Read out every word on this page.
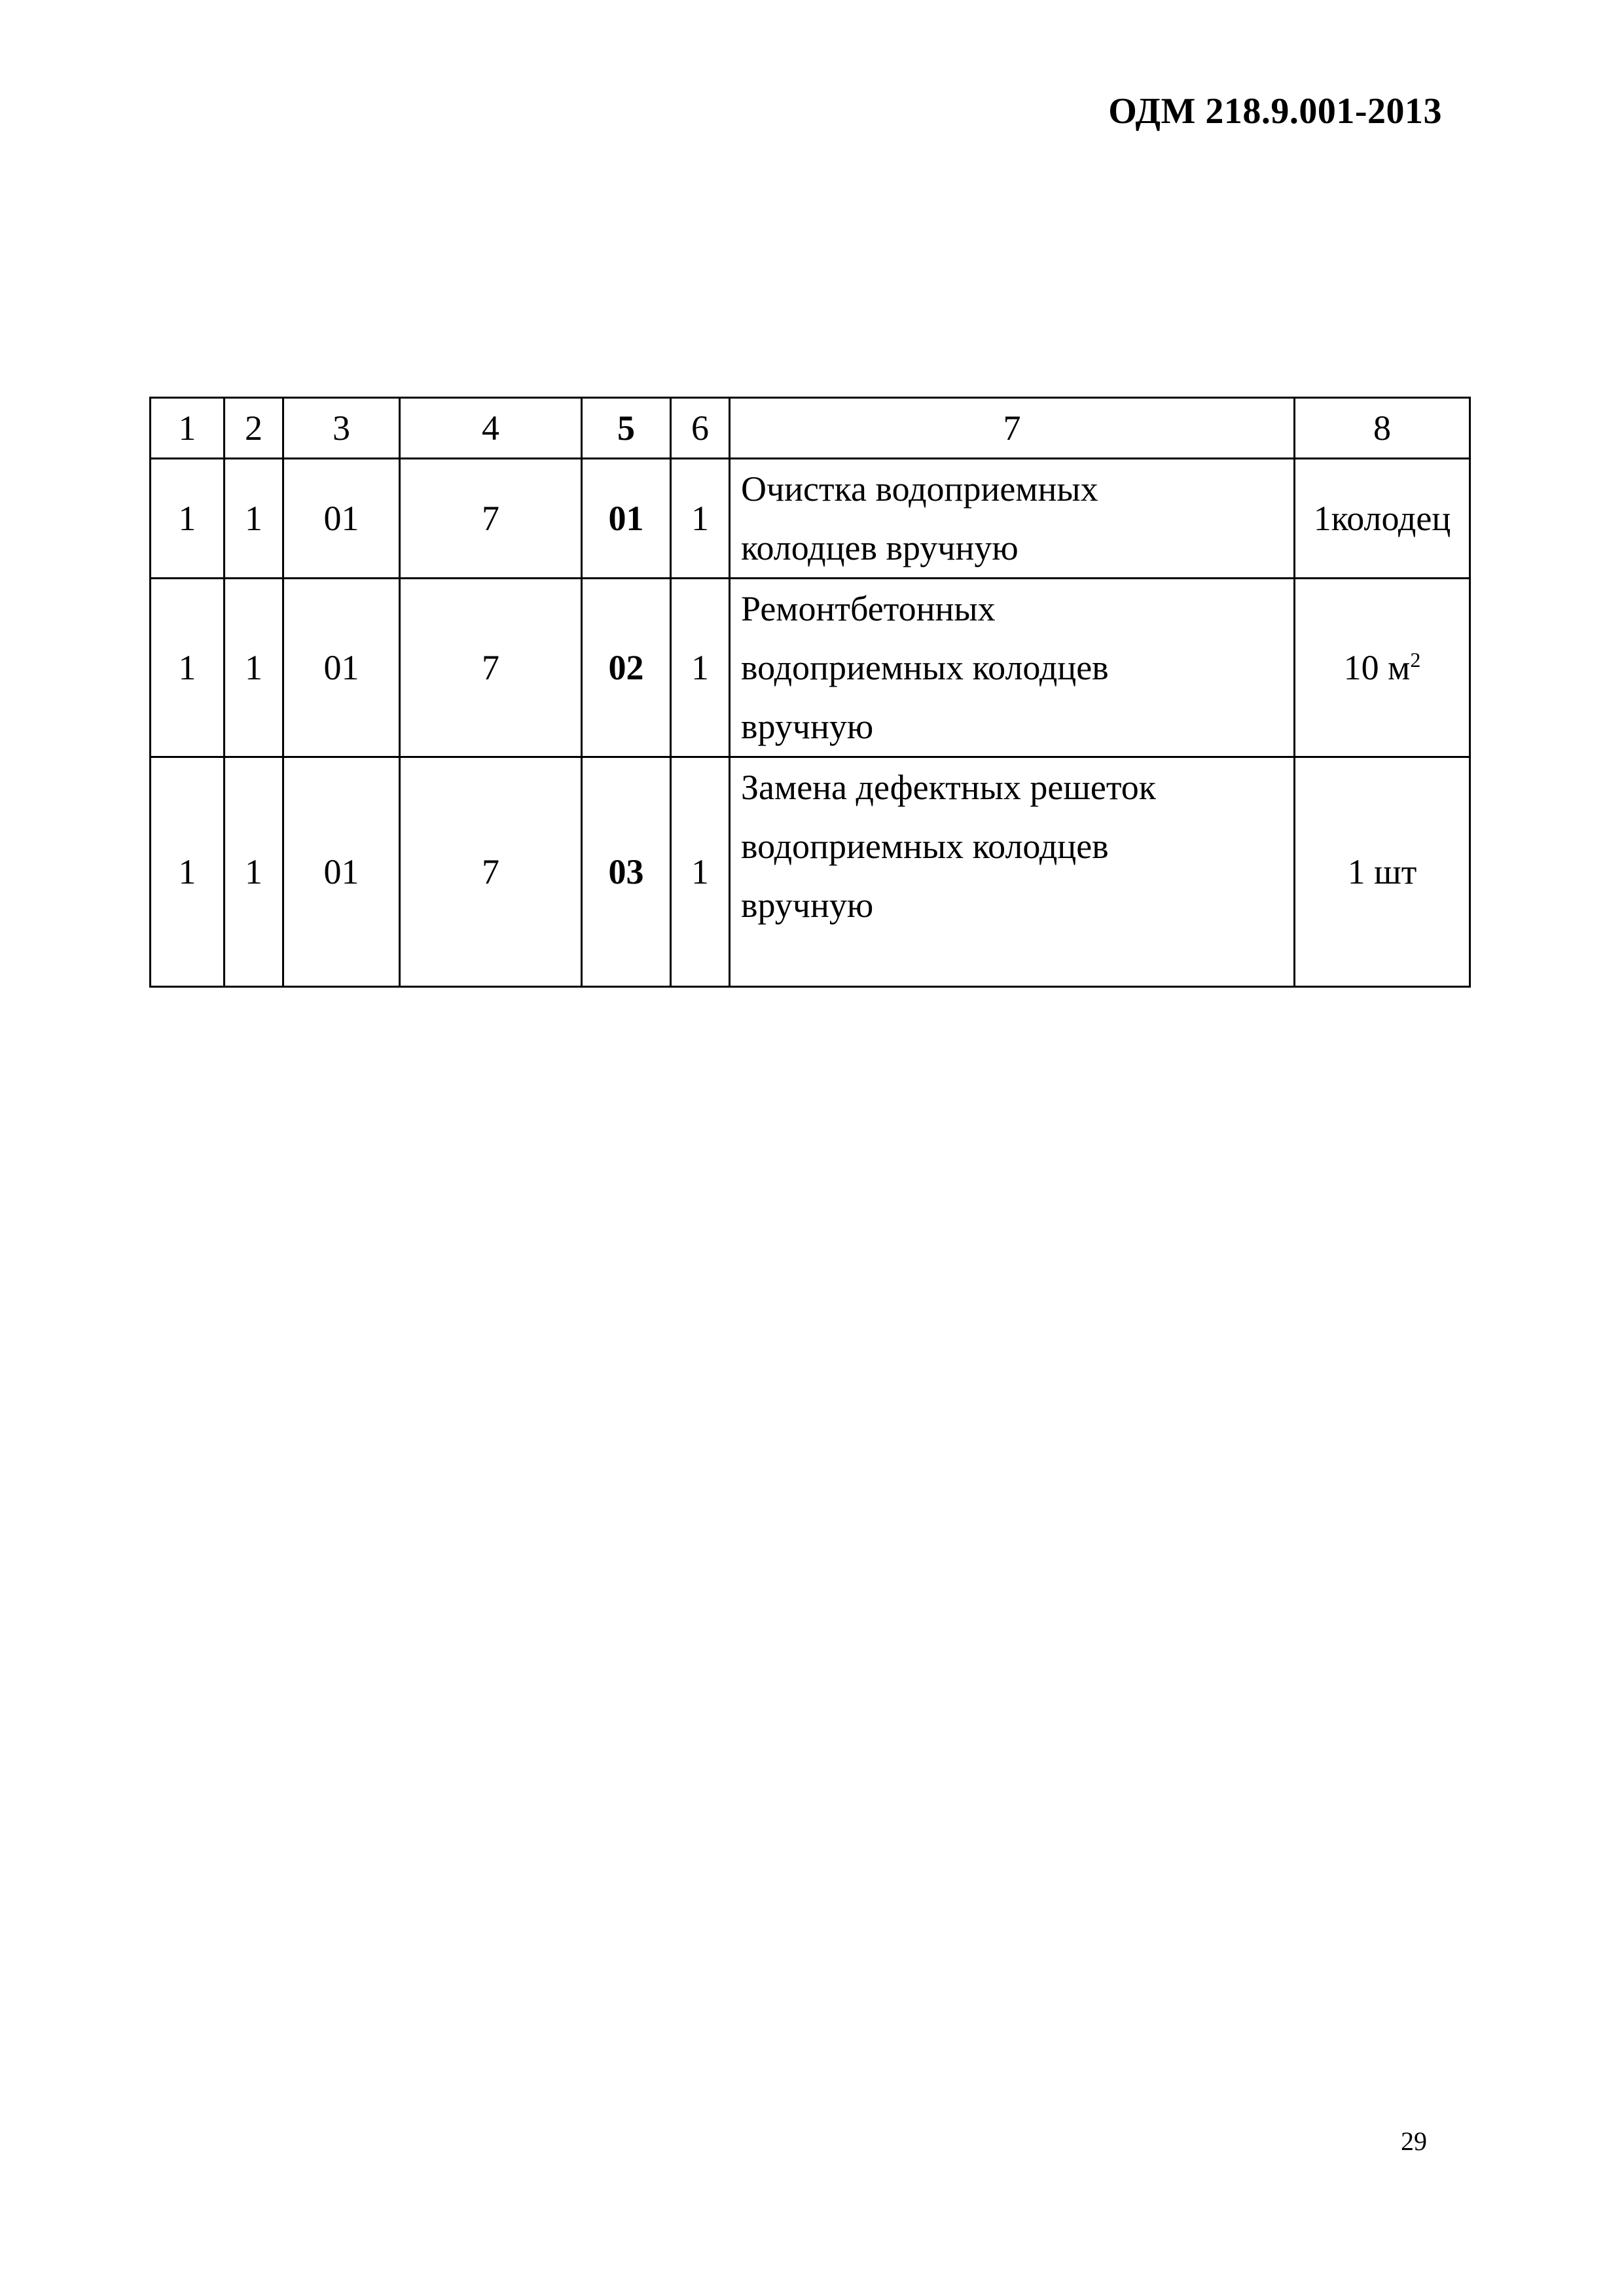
ОДМ 218.9.001-2013
1	2	3	4	5	6	7	8
1	1	01	7	01	1	Очистка водоприемных
колодцев вручную	1колодец
1	1	01	7	02	1	Ремонтбетонных
водоприемных колодцев
вручную	10 $м^2$
1	1	01	7	03	1	Замена дефектных решеток
водоприемных колодцев
вручную	1 шт
29
